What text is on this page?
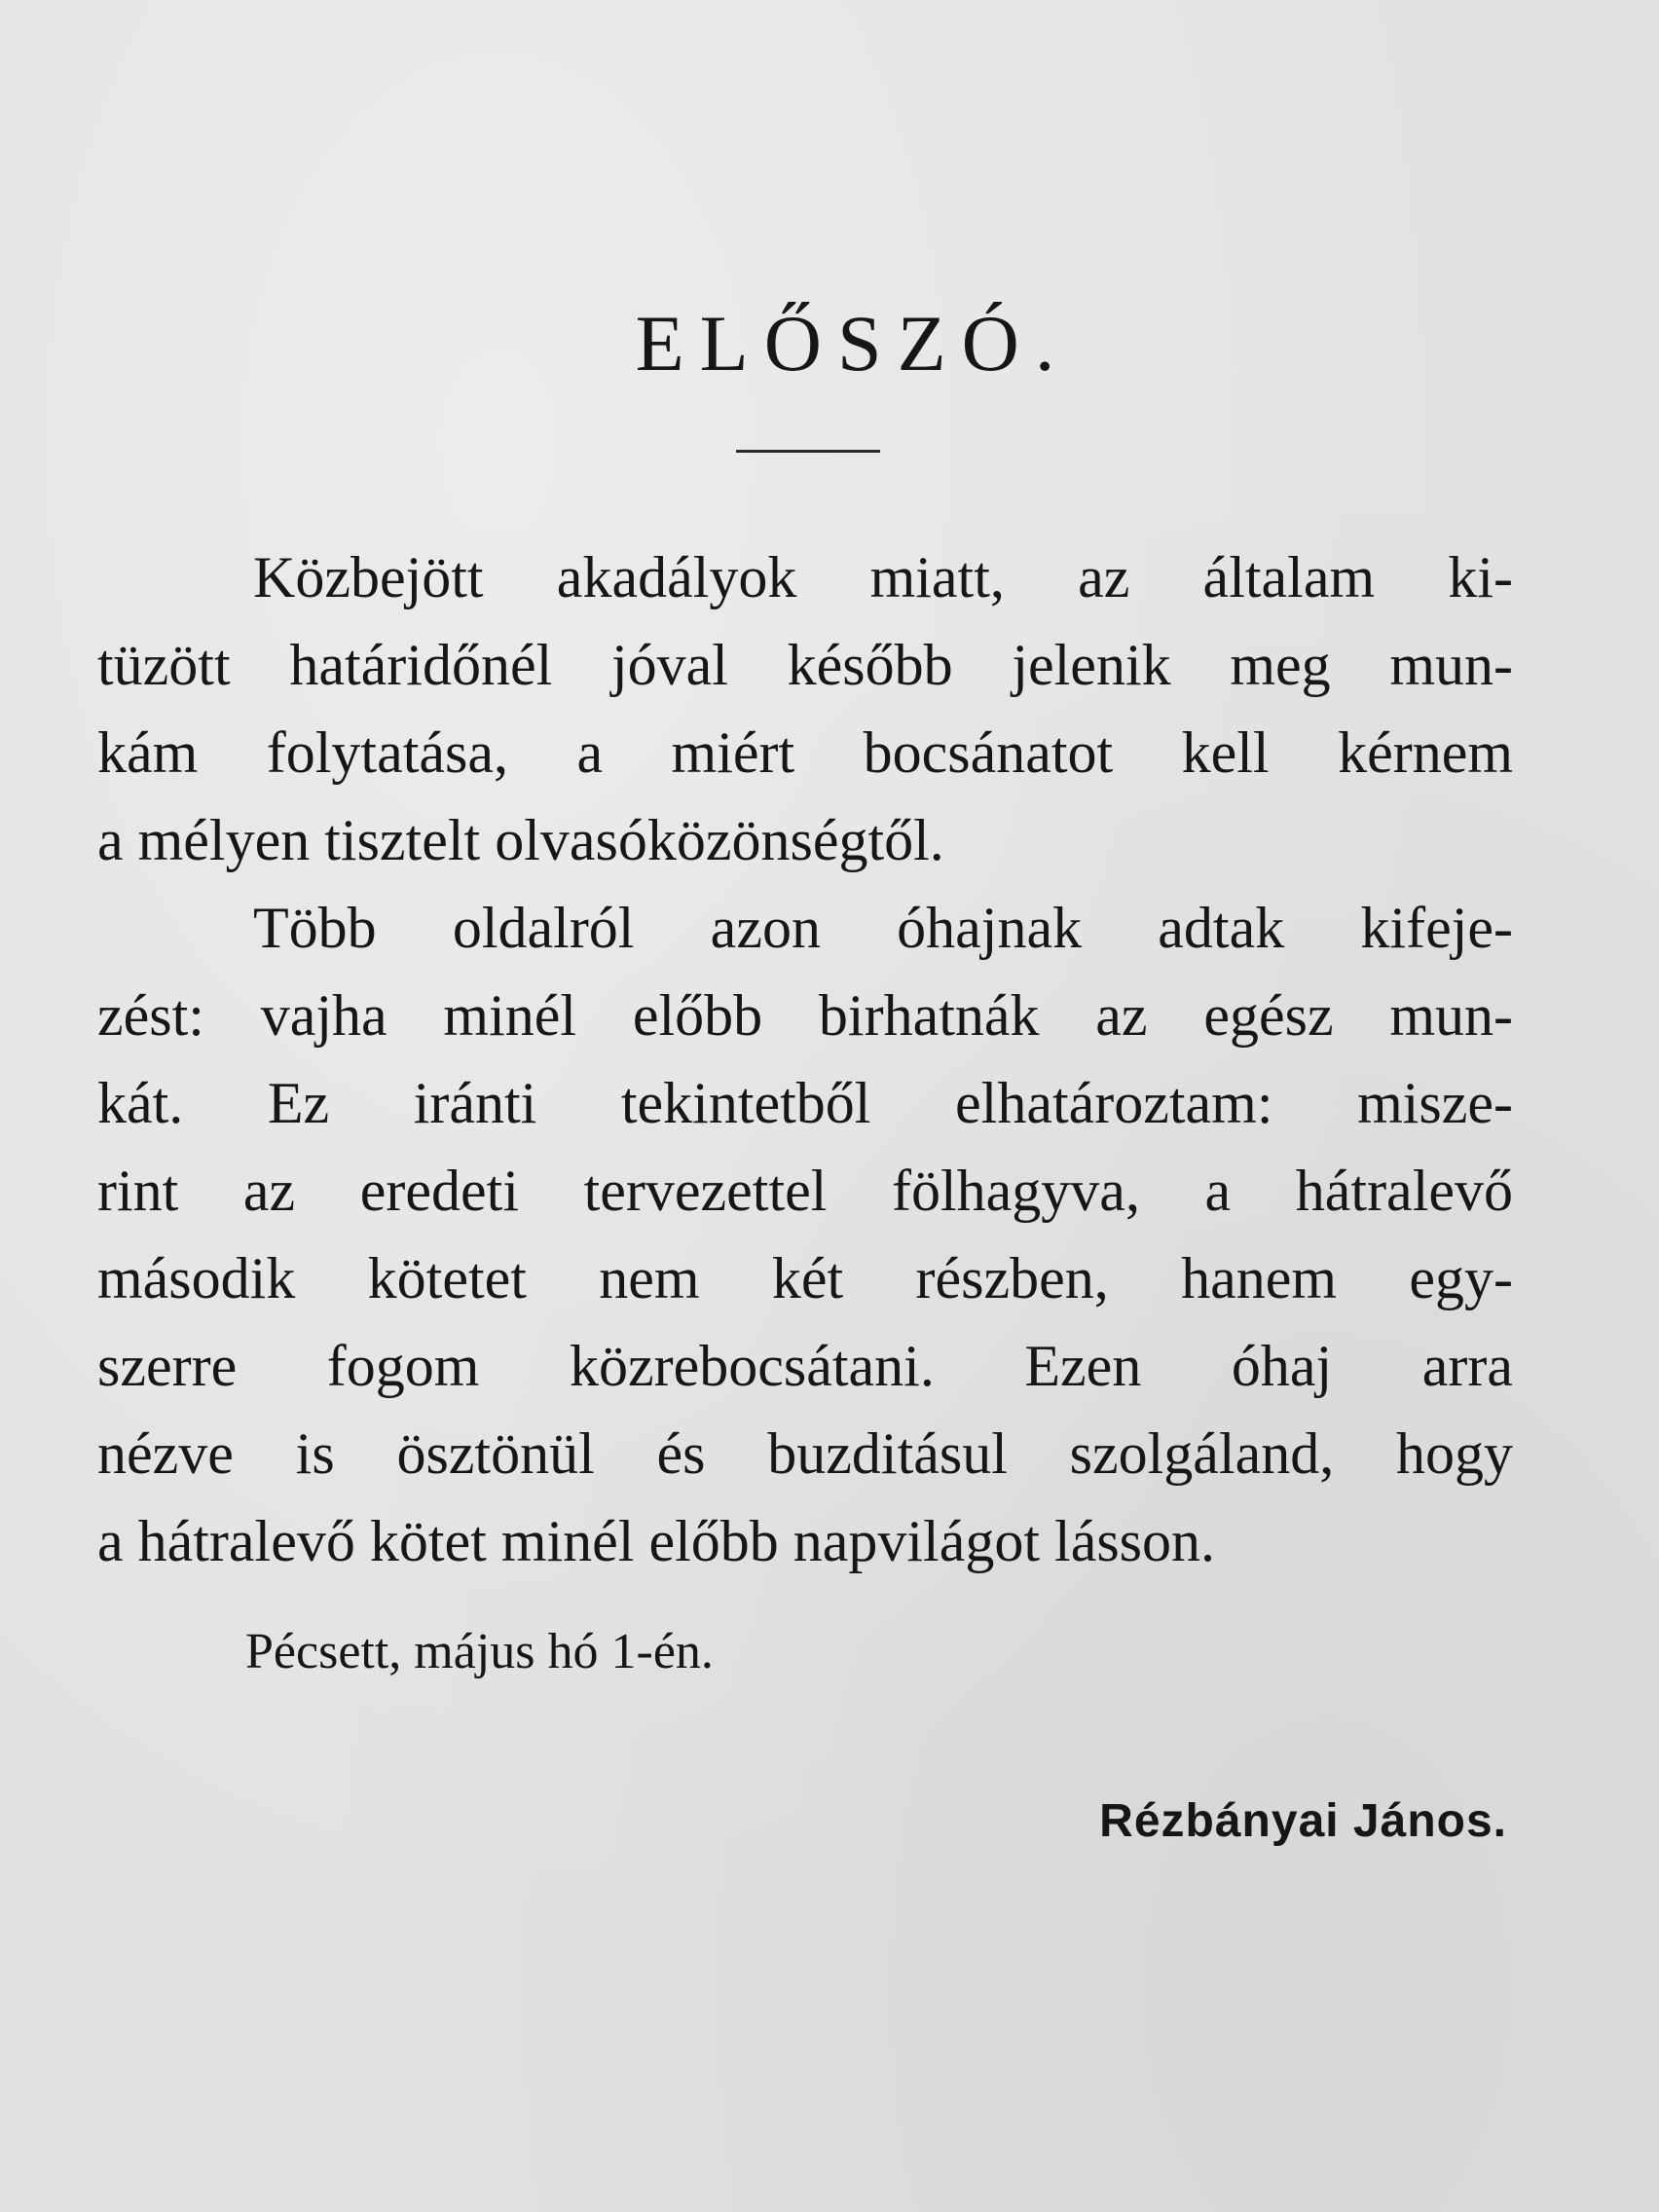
ELŐSZÓ.
Közbejött akadályok miatt, az általam ki-
tüzött határidőnél jóval később jelenik meg mun-
kám folytatása, a miért bocsánatot kell kérnem
a mélyen tisztelt olvasóközönségtől.
Több oldalról azon óhajnak adtak kifeje-
zést: vajha minél előbb birhatnák az egész mun-
kát. Ez iránti tekintetből elhatároztam: misze-
rint az eredeti tervezettel fölhagyva, a hátralevő
második kötetet nem két részben, hanem egy-
szerre fogom közrebocsátani. Ezen óhaj arra
nézve is ösztönül és buzditásul szolgáland, hogy
a hátralevő kötet minél előbb napvilágot lásson.

Pécsett, május hó 1-én.

Rézbányai János.
